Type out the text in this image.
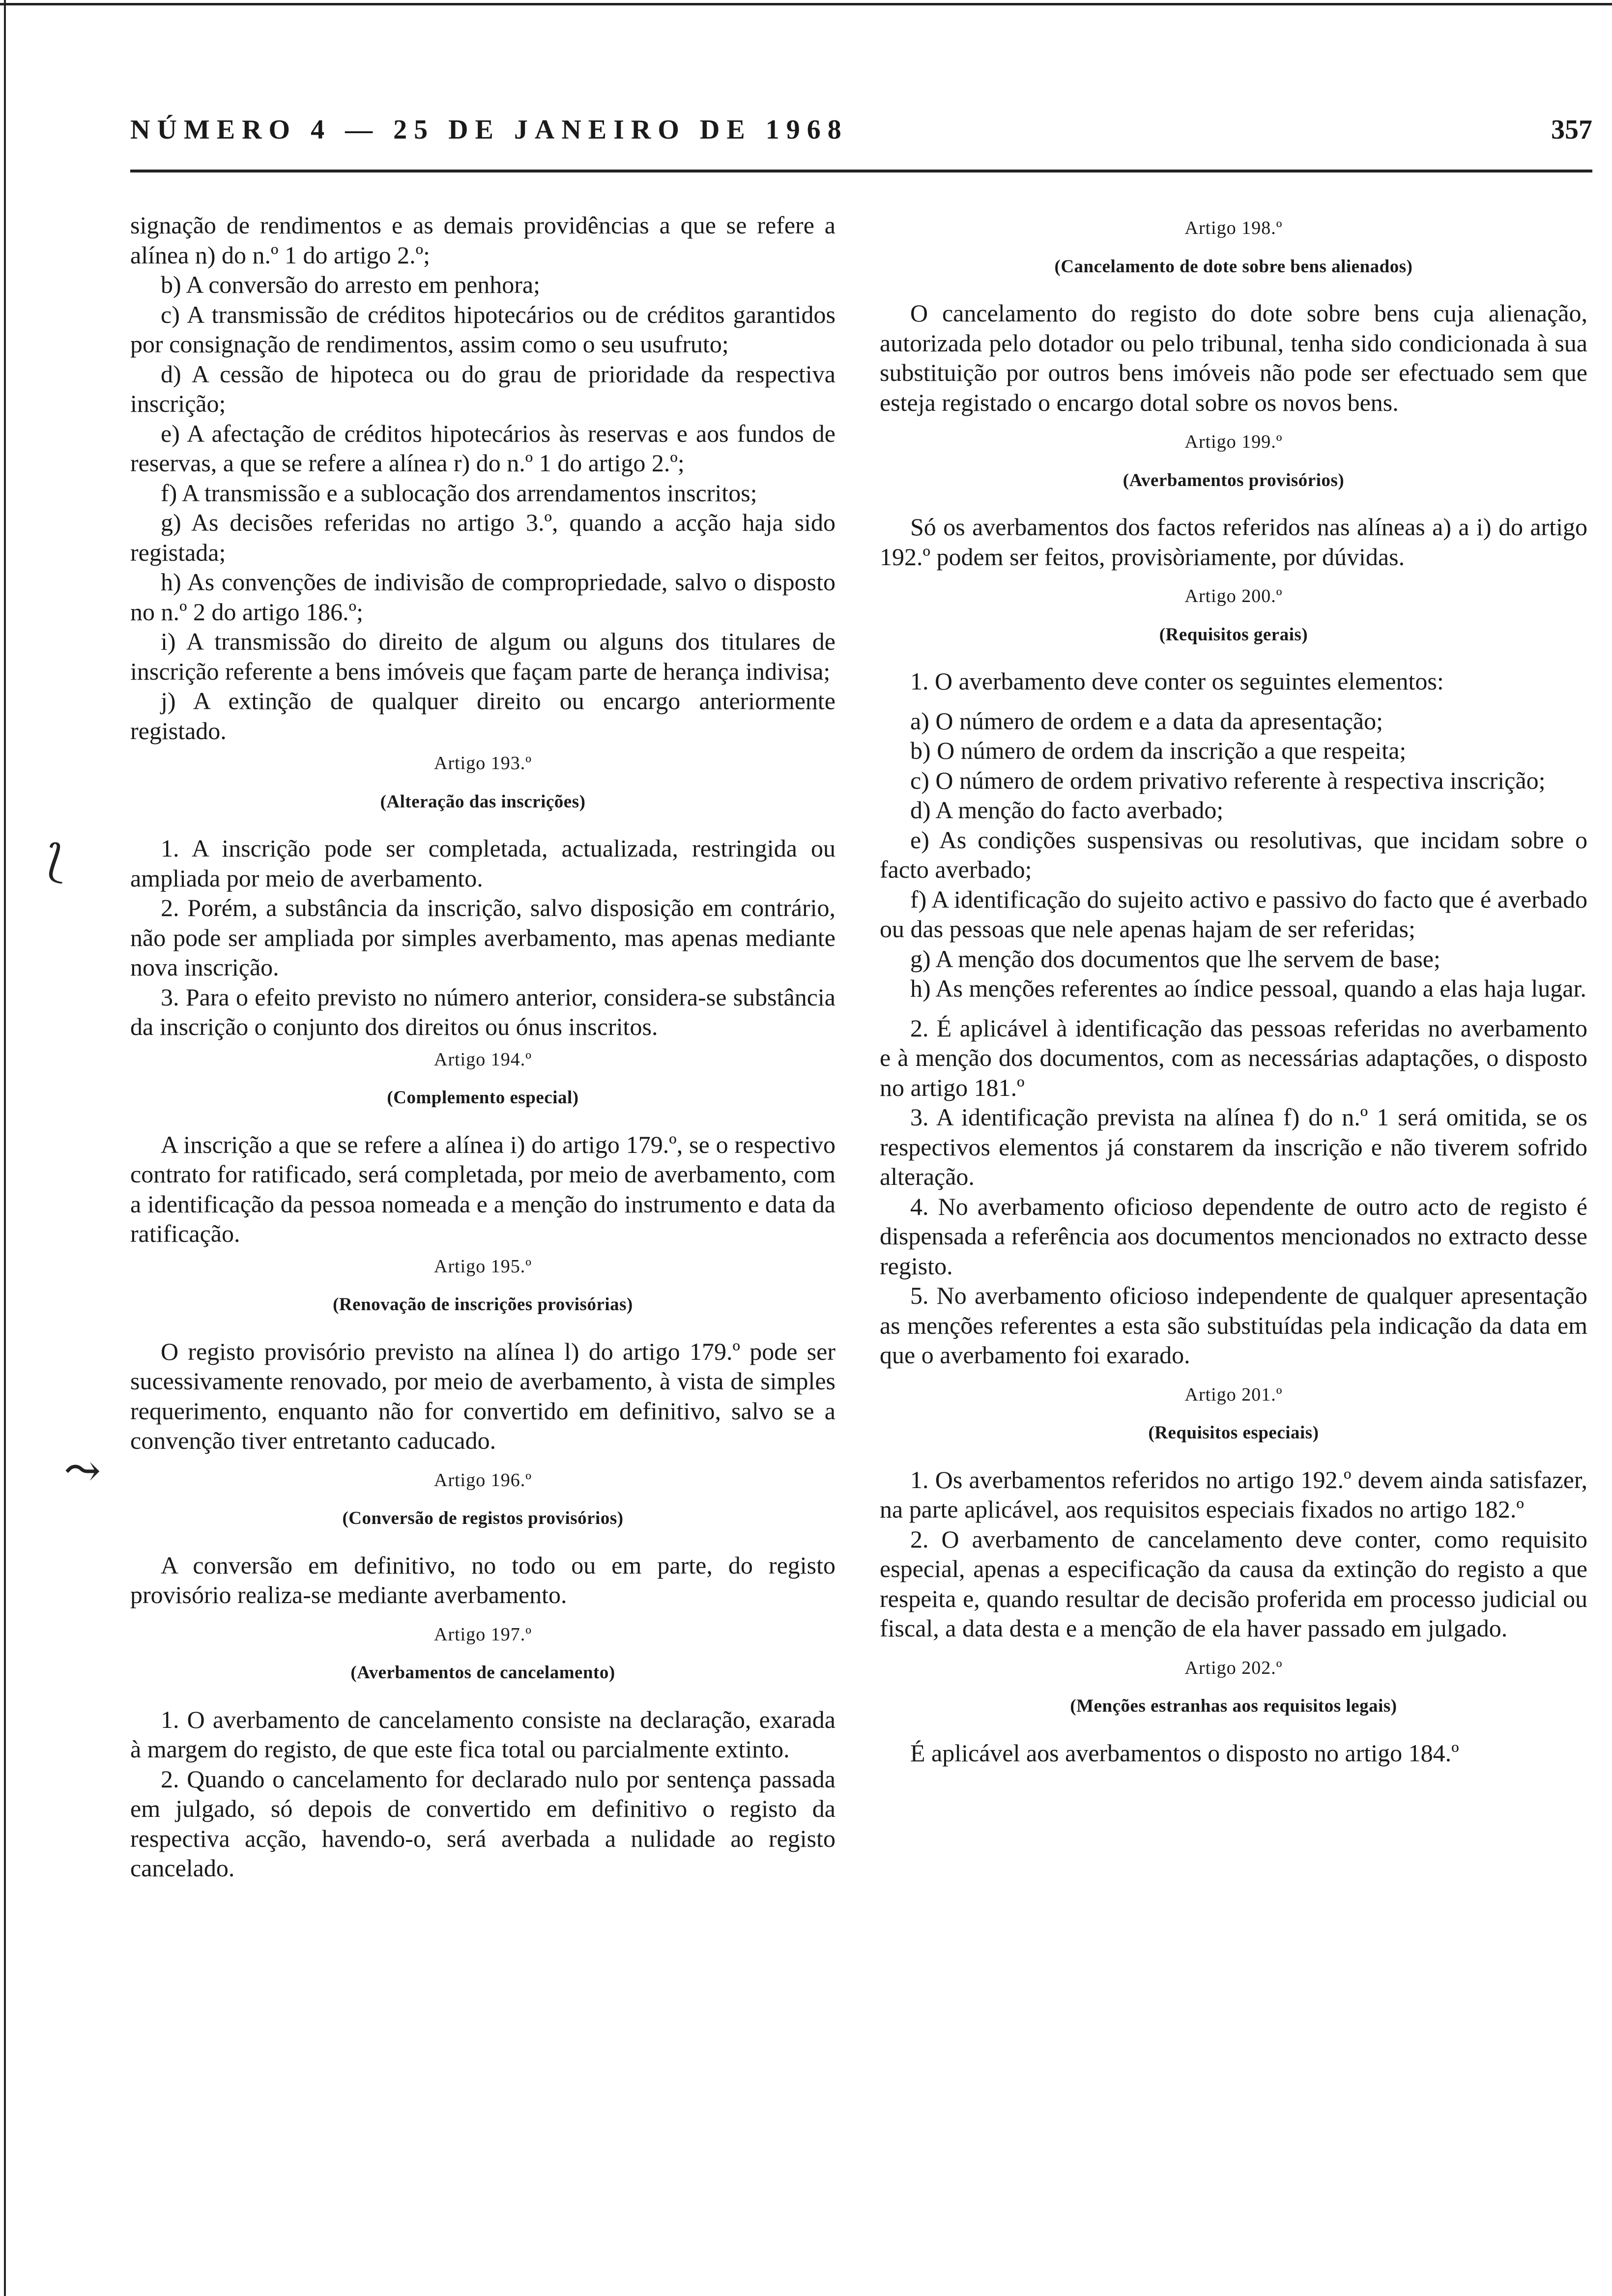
NÚMERO 4 — 25 DE JANEIRO DE 1968	357
⟅
⤳

signação de rendimentos e as demais providências a que se refere a alínea n) do n.º 1 do artigo 2.º;

b) A conversão do arresto em penhora;

c) A transmissão de créditos hipotecários ou de créditos garantidos por consignação de rendimentos, assim como o seu usufruto;

d) A cessão de hipoteca ou do grau de prioridade da respectiva inscrição;

e) A afectação de créditos hipotecários às reservas e aos fundos de reservas, a que se refere a alínea r) do n.º 1 do artigo 2.º;

f) A transmissão e a sublocação dos arrendamentos inscritos;

g) As decisões referidas no artigo 3.º, quando a acção haja sido registada;

h) As convenções de indivisão de compropriedade, salvo o disposto no n.º 2 do artigo 186.º;

i) A transmissão do direito de algum ou alguns dos titulares de inscrição referente a bens imóveis que façam parte de herança indivisa;

j) A extinção de qualquer direito ou encargo anteriormente registado.

Artigo 193.º

(Alteração das inscrições)

1. A inscrição pode ser completada, actualizada, restringida ou ampliada por meio de averbamento.

2. Porém, a substância da inscrição, salvo disposição em contrário, não pode ser ampliada por simples averbamento, mas apenas mediante nova inscrição.

3. Para o efeito previsto no número anterior, considera-se substância da inscrição o conjunto dos direitos ou ónus inscritos.

Artigo 194.º

(Complemento especial)

A inscrição a que se refere a alínea i) do artigo 179.º, se o respectivo contrato for ratificado, será completada, por meio de averbamento, com a identificação da pessoa nomeada e a menção do instrumento e data da ratificação.

Artigo 195.º

(Renovação de inscrições provisórias)

O registo provisório previsto na alínea l) do artigo 179.º pode ser sucessivamente renovado, por meio de averbamento, à vista de simples requerimento, enquanto não for convertido em definitivo, salvo se a convenção tiver entretanto caducado.

Artigo 196.º

(Conversão de registos provisórios)

A conversão em definitivo, no todo ou em parte, do registo provisório realiza-se mediante averbamento.

Artigo 197.º

(Averbamentos de cancelamento)

1. O averbamento de cancelamento consiste na declaração, exarada à margem do registo, de que este fica total ou parcialmente extinto.

2. Quando o cancelamento for declarado nulo por sentença passada em julgado, só depois de convertido em definitivo o registo da respectiva acção, havendo-o, será averbada a nulidade ao registo cancelado.

Artigo 198.º

(Cancelamento de dote sobre bens alienados)

O cancelamento do registo do dote sobre bens cuja alienação, autorizada pelo dotador ou pelo tribunal, tenha sido condicionada à sua substituição por outros bens imóveis não pode ser efectuado sem que esteja registado o encargo dotal sobre os novos bens.

Artigo 199.º

(Averbamentos provisórios)

Só os averbamentos dos factos referidos nas alíneas a) a i) do artigo 192.º podem ser feitos, provisòriamente, por dúvidas.

Artigo 200.º

(Requisitos gerais)

1. O averbamento deve conter os seguintes elementos:

a) O número de ordem e a data da apresentação;

b) O número de ordem da inscrição a que respeita;

c) O número de ordem privativo referente à respectiva inscrição;

d) A menção do facto averbado;

e) As condições suspensivas ou resolutivas, que incidam sobre o facto averbado;

f) A identificação do sujeito activo e passivo do facto que é averbado ou das pessoas que nele apenas hajam de ser referidas;

g) A menção dos documentos que lhe servem de base;

h) As menções referentes ao índice pessoal, quando a elas haja lugar.

2. É aplicável à identificação das pessoas referidas no averbamento e à menção dos documentos, com as necessárias adaptações, o disposto no artigo 181.º

3. A identificação prevista na alínea f) do n.º 1 será omitida, se os respectivos elementos já constarem da inscrição e não tiverem sofrido alteração.

4. No averbamento oficioso dependente de outro acto de registo é dispensada a referência aos documentos mencionados no extracto desse registo.

5. No averbamento oficioso independente de qualquer apresentação as menções referentes a esta são substituídas pela indicação da data em que o averbamento foi exarado.

Artigo 201.º

(Requisitos especiais)

1. Os averbamentos referidos no artigo 192.º devem ainda satisfazer, na parte aplicável, aos requisitos especiais fixados no artigo 182.º

2. O averbamento de cancelamento deve conter, como requisito especial, apenas a especificação da causa da extinção do registo a que respeita e, quando resultar de decisão proferida em processo judicial ou fiscal, a data desta e a menção de ela haver passado em julgado.

Artigo 202.º

(Menções estranhas aos requisitos legais)

É aplicável aos averbamentos o disposto no artigo 184.º
